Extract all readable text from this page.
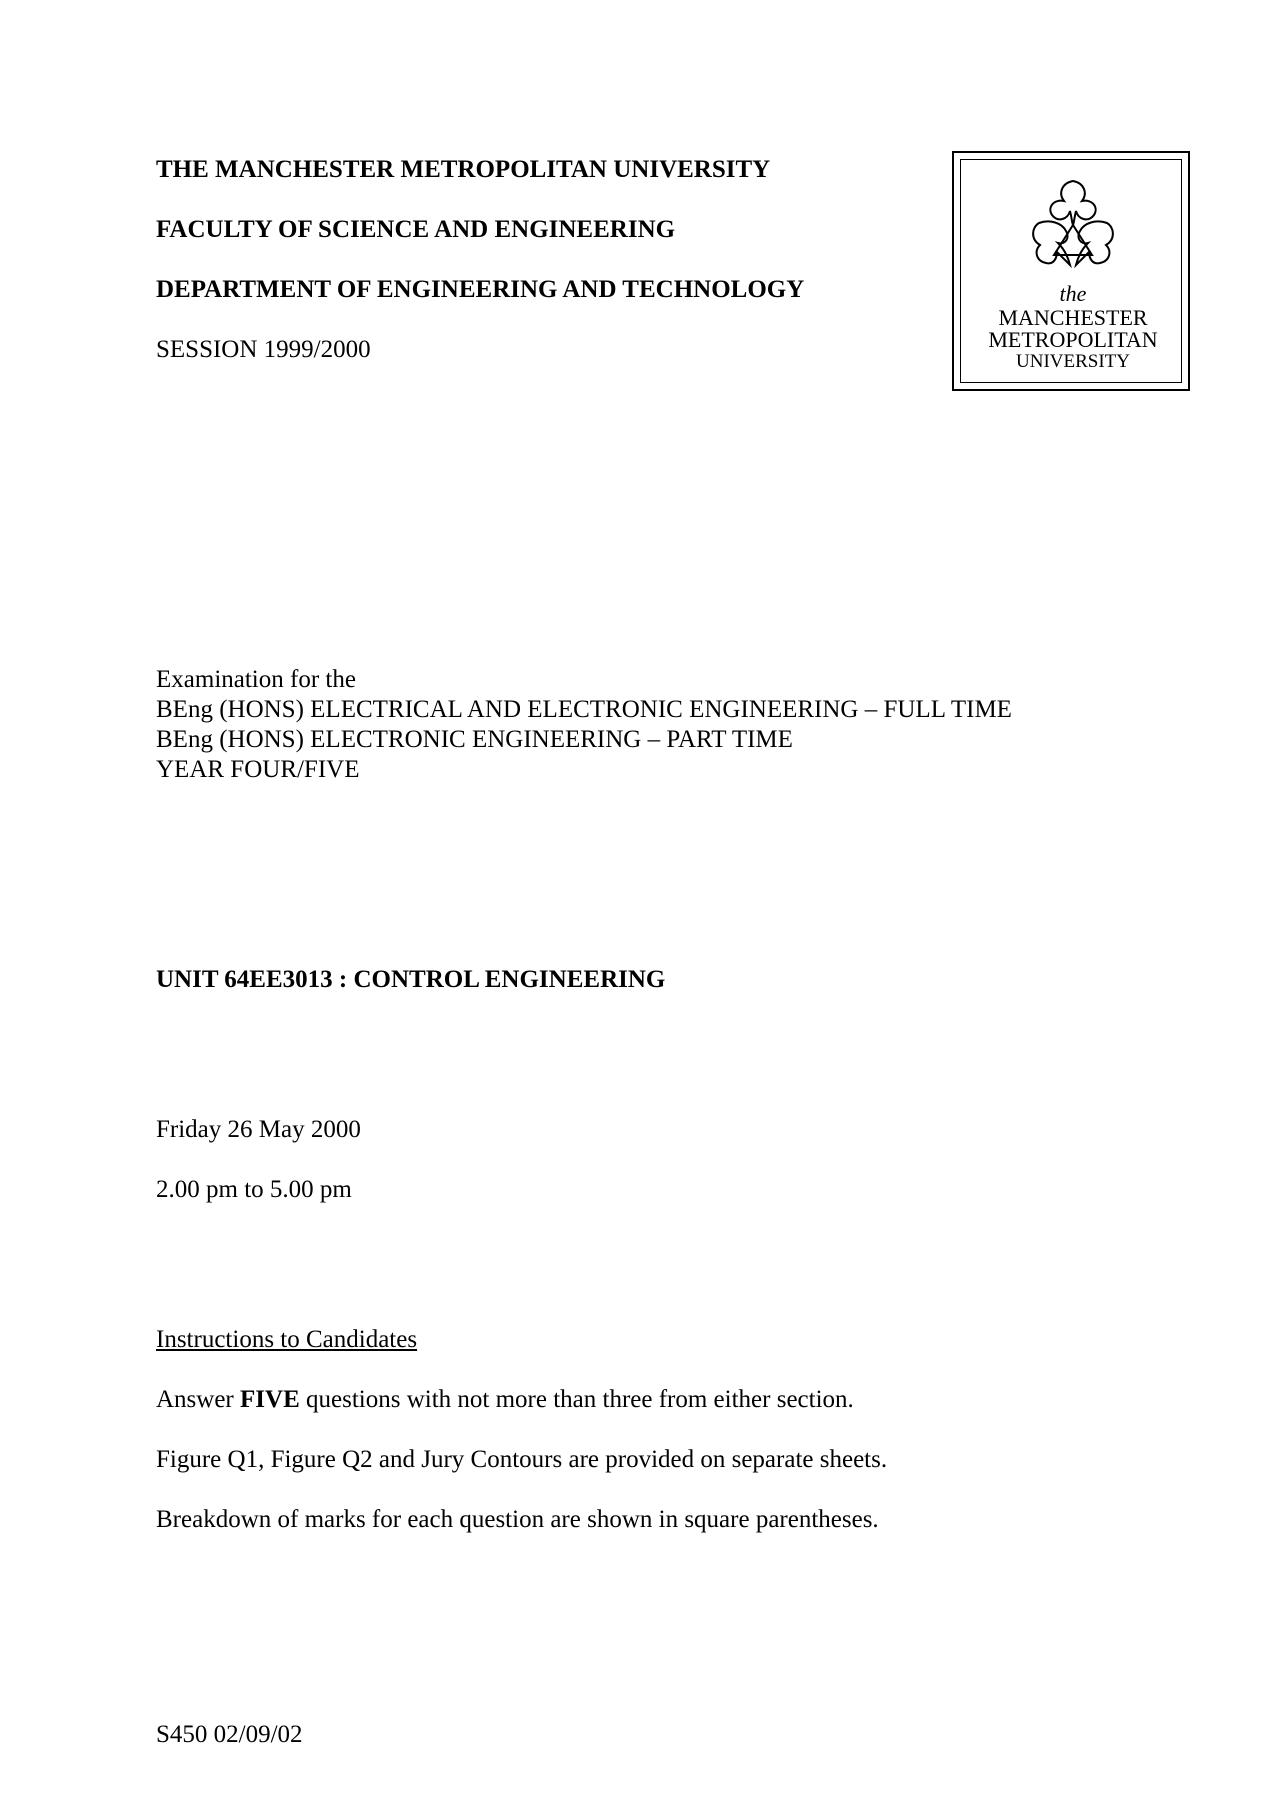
THE MANCHESTER METROPOLITAN UNIVERSITY
FACULTY OF SCIENCE AND ENGINEERING
DEPARTMENT OF ENGINEERING AND TECHNOLOGY
SESSION 1999/2000
the
MANCHESTER
METROPOLITAN
UNIVERSITY
Examination for the
BEng (HONS) ELECTRICAL AND ELECTRONIC ENGINEERING – FULL TIME
BEng (HONS) ELECTRONIC ENGINEERING – PART TIME
YEAR FOUR/FIVE
UNIT 64EE3013 : CONTROL ENGINEERING
Friday 26 May 2000
2.00 pm to 5.00 pm
Instructions to Candidates
Answer FIVE questions with not more than three from either section.
Figure Q1, Figure Q2 and Jury Contours are provided on separate sheets.
Breakdown of marks for each question are shown in square parentheses.
S450 02/09/02
